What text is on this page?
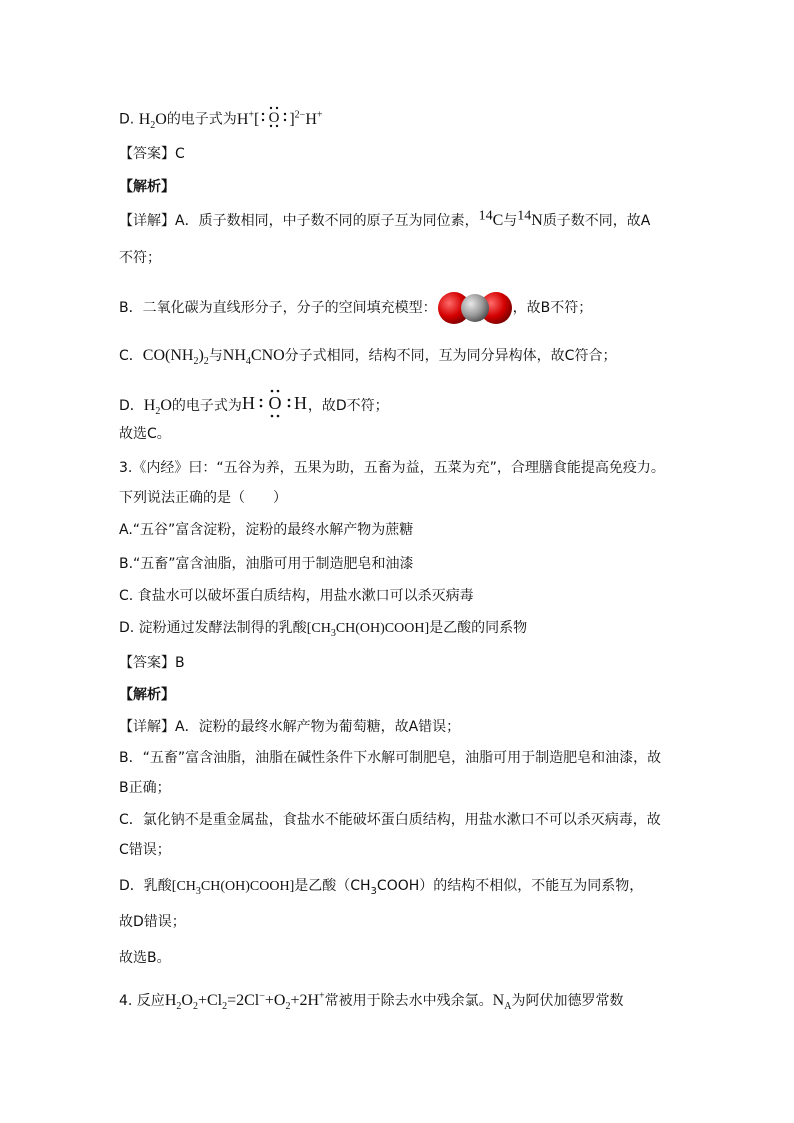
D. $H_2O$的电子式为H+[ O ]$^{2-}$H+
【答案】C
【解析】
【详解】A．质子数相同，中子数不同的原子互为同位素，$^{14}$C与$^{14}$N质子数不同，故A
不符；
B．二氧化碳为直线形分子，分子的空间填充模型：	，故B不符；
C．$CO(NH_2)_2$与$NH_4CNO$分子式相同，结构不同，互为同分异构体，故C符合；
D．$H_2O$的电子式为 H O H ，故D不符；
故选C。
3.《内经》曰：“五谷为养，五果为助，五畜为益，五菜为充”，合理膳食能提高免疫力。
下列说法正确的是（　　）
A.“五谷”富含淀粉，淀粉的最终水解产物为蔗糖
B.“五畜”富含油脂，油脂可用于制造肥皂和油漆
C. 食盐水可以破坏蛋白质结构，用盐水漱口可以杀灭病毒
D. 淀粉通过发酵法制得的乳酸$[CH_3CH(OH)COOH]$是乙酸的同系物
【答案】B
【解析】
【详解】A．淀粉的最终水解产物为葡萄糖，故A错误；
B．“五畜”富含油脂，油脂在碱性条件下水解可制肥皂，油脂可用于制造肥皂和油漆，故
B正确；
C．氯化钠不是重金属盐，食盐水不能破坏蛋白质结构，用盐水漱口不可以杀灭病毒，故
C错误；
D．乳酸$[CH_3CH(OH)COOH]$是乙酸$(CH_3COOH)$的结构不相似，不能互为同系物，
故D错误；
故选B。
4. 反应$H_2O_2+Cl_2=2Cl^-+O_2+2H^+$常被用于除去水中残余氯。$N_A$为阿伏加德罗常数
